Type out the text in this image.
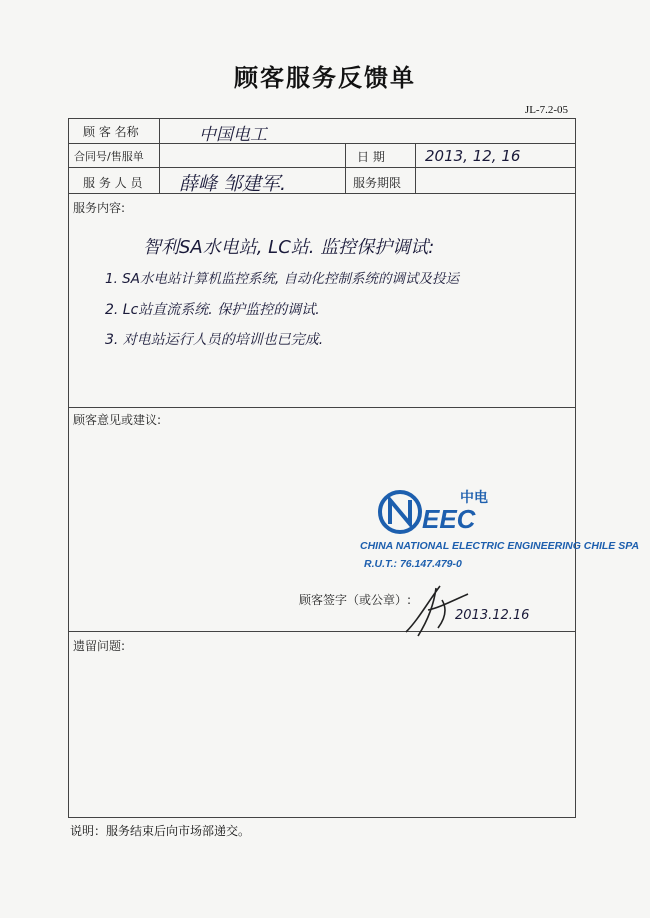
顾客服务反馈单
JL-7.2-05
顾 客 名称
合同号/售服单	日 期
服 务 人 员	服务期限
服务内容:
顾客意见或建议:
顾客签字（或公章）:
遗留问题:
中国电工
2013, 12, 16
薛峰 邹建军.
智利SA水电站, LC站. 监控保护调试:
1. SA水电站计算机监控系统, 自动化控制系统的调试及投运
2. Lc站直流系统. 保护监控的调试.
3. 对电站运行人员的培训也已完成.
EEC
中电
CHINA NATIONAL ELECTRIC ENGINEERING CHILE SPA
R.U.T.: 76.147.479-0
2013.12.16
说明：服务结束后向市场部递交。
